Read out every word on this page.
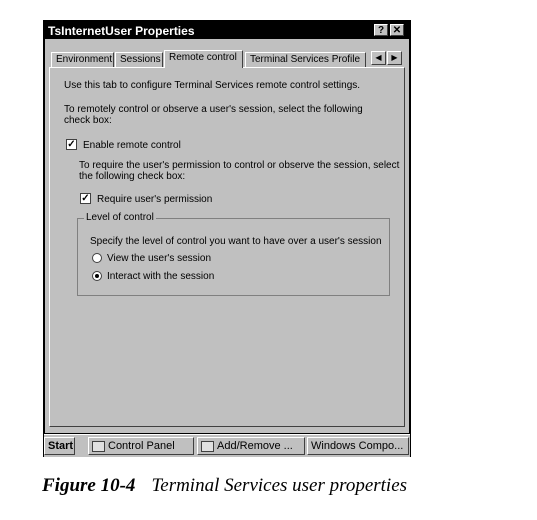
TsInternetUser Properties	? ✕
Environment Sessions Remote control	Terminal Services Profile	◀	▶
Use this tab to configure Terminal Services remote control settings.
To remotely control or observe a user's session, select the following
check box:
✓ Enable remote control
To require the user's permission to control or observe the session, select
the following check box:
✓ Require user's permission
Level of control
Specify the level of control you want to have over a user's session
View the user's session
Interact with the session
Start	Control Panel	Add/Remove ...	Windows Compo...
Figure 10-4 Terminal Services user properties
